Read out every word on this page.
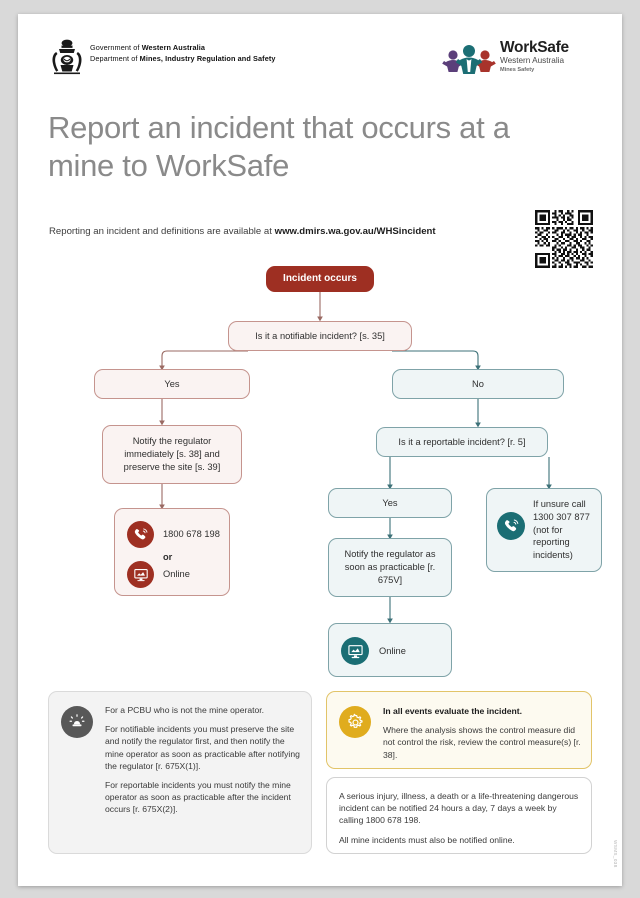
Government of Western Australia
Department of Mines, Industry Regulation and Safety
WorkSafe
Western Australia
Mines Safety
Report an incident that occurs at a mine to WorkSafe
Reporting an incident and definitions are available at www.dmirs.wa.gov.au/WHSincident
Incident occurs
Is it a notifiable incident? [s. 35]
Yes	No
Notify the regulator immediately [s. 38] and preserve the site [s. 39]
1800 678 198
or
Online
Is it a reportable incident? [r. 5]
Yes	If unsure call 1300 307 877 (not for reporting incidents)
Notify the regulator as soon as practicable [r. 675V]
Online

For a PCBU who is not the mine operator.

For notifiable incidents you must preserve the site and notify the regulator first, and then notify the mine operator as soon as practicable after notifying the regulator [r. 675X(1)].

For reportable incidents you must notify the mine operator as soon as practicable after the incident occurs [r. 675X(2)].

In all events evaluate the incident.

Where the analysis shows the control measure did not control the risk, review the control measure(s) [r. 38].

A serious injury, illness, a death or a life-threatening dangerous incident can be notified 24 hours a day, 7 days a week by calling 1800 678 198.

All mine incidents must also be notified online.

WSMS_038
